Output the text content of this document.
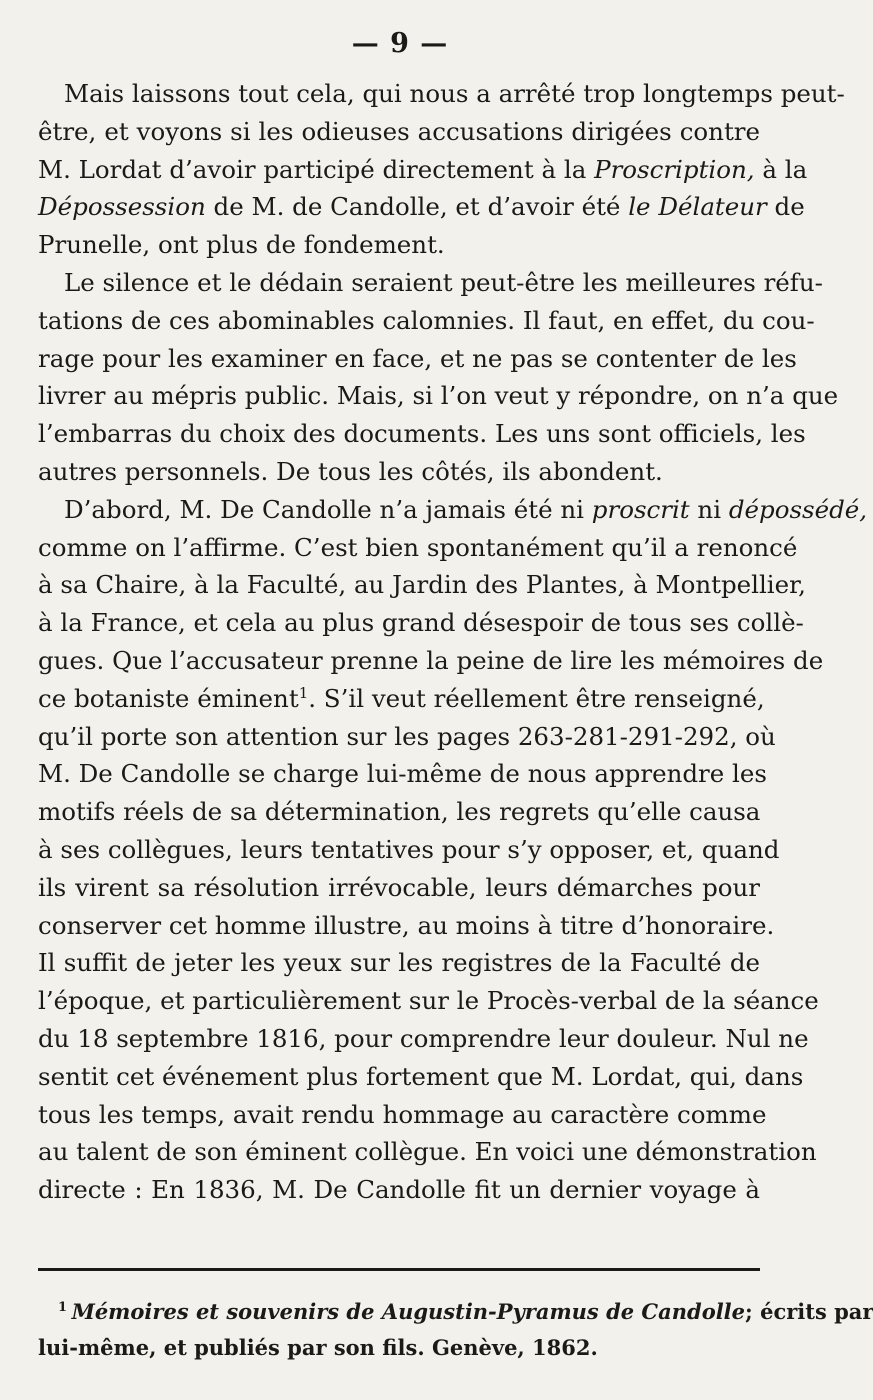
— 9 —
Mais laissons tout cela, qui nous a arrêté trop longtemps peut-
être, et voyons si les odieuses accusations dirigées contre
M. Lordat d’avoir participé directement à la Proscription, à la
Dépossession de M. de Candolle, et d’avoir été le Délateur de
Prunelle, ont plus de fondement.
Le silence et le dédain seraient peut-être les meilleures réfu-
tations de ces abominables calomnies. Il faut, en effet, du cou-
rage pour les examiner en face, et ne pas se contenter de les
livrer au mépris public. Mais, si l’on veut y répondre, on n’a que
l’embarras du choix des documents. Les uns sont officiels, les
autres personnels. De tous les côtés, ils abondent.
D’abord, M. De Candolle n’a jamais été ni proscrit ni dépossédé,
comme on l’affirme. C’est bien spontanément qu’il a renoncé
à sa Chaire, à la Faculté, au Jardin des Plantes, à Montpellier,
à la France, et cela au plus grand désespoir de tous ses collè-
gues. Que l’accusateur prenne la peine de lire les mémoires de
ce botaniste éminent$^1$. S’il veut réellement être renseigné,
qu’il porte son attention sur les pages 263-281-291-292, où
M. De Candolle se charge lui-même de nous apprendre les
motifs réels de sa détermination, les regrets qu’elle causa
à ses collègues, leurs tentatives pour s’y opposer, et, quand
ils virent sa résolution irrévocable, leurs démarches pour
conserver cet homme illustre, au moins à titre d’honoraire.
Il suffit de jeter les yeux sur les registres de la Faculté de
l’époque, et particulièrement sur le Procès-verbal de la séance
du 18 septembre 1816, pour comprendre leur douleur. Nul ne
sentit cet événement plus fortement que M. Lordat, qui, dans
tous les temps, avait rendu hommage au caractère comme
au talent de son éminent collègue. En voici une démonstration
directe : En 1836, M. De Candolle fit un dernier voyage à
$^1$ Mémoires et souvenirs de Augustin-Pyramus de Candolle; écrits par
lui-même, et publiés par son fils. Genève, 1862.
